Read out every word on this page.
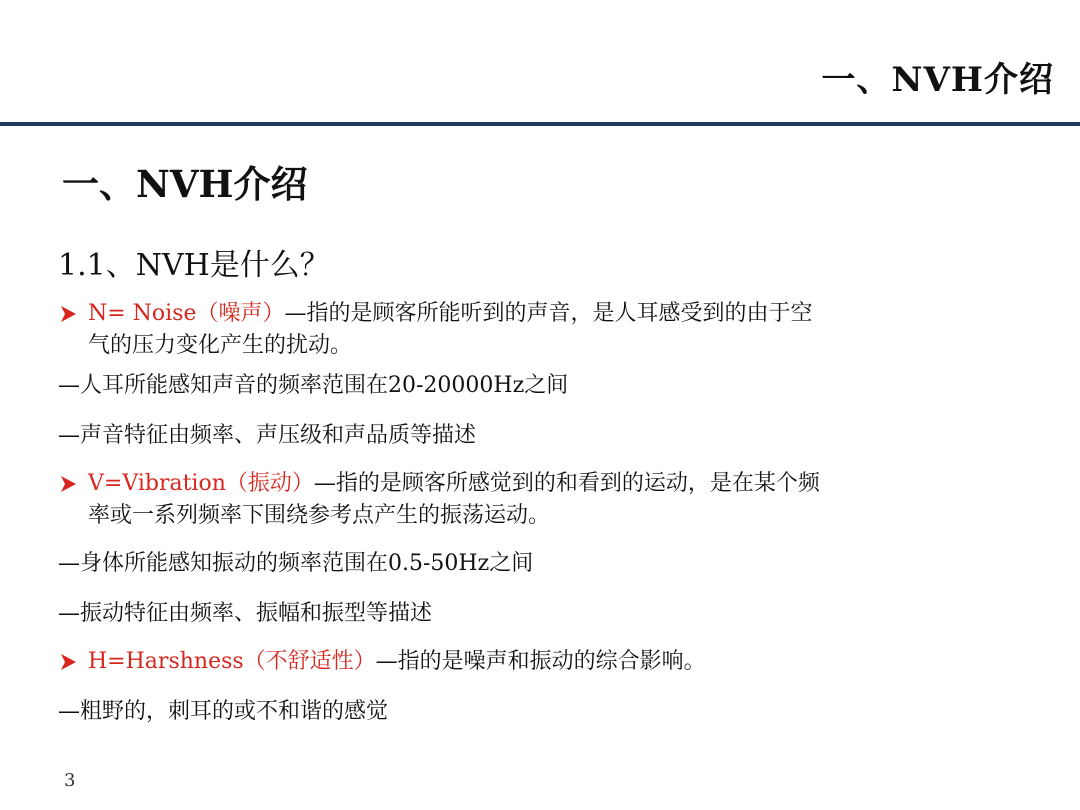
一、NVH介绍
一、NVH介绍
1.1、NVH是什么？
N= Noise（噪声）—指的是顾客所能听到的声音，是人耳感受到的由于空
气的压力变化产生的扰动。
—人耳所能感知声音的频率范围在20-20000Hz之间
—声音特征由频率、声压级和声品质等描述
V=Vibration（振动）—指的是顾客所感觉到的和看到的运动，是在某个频
率或一系列频率下围绕参考点产生的振荡运动。
—身体所能感知振动的频率范围在0.5-50Hz之间
—振动特征由频率、振幅和振型等描述
H=Harshness（不舒适性）—指的是噪声和振动的综合影响。
—粗野的，刺耳的或不和谐的感觉
3
